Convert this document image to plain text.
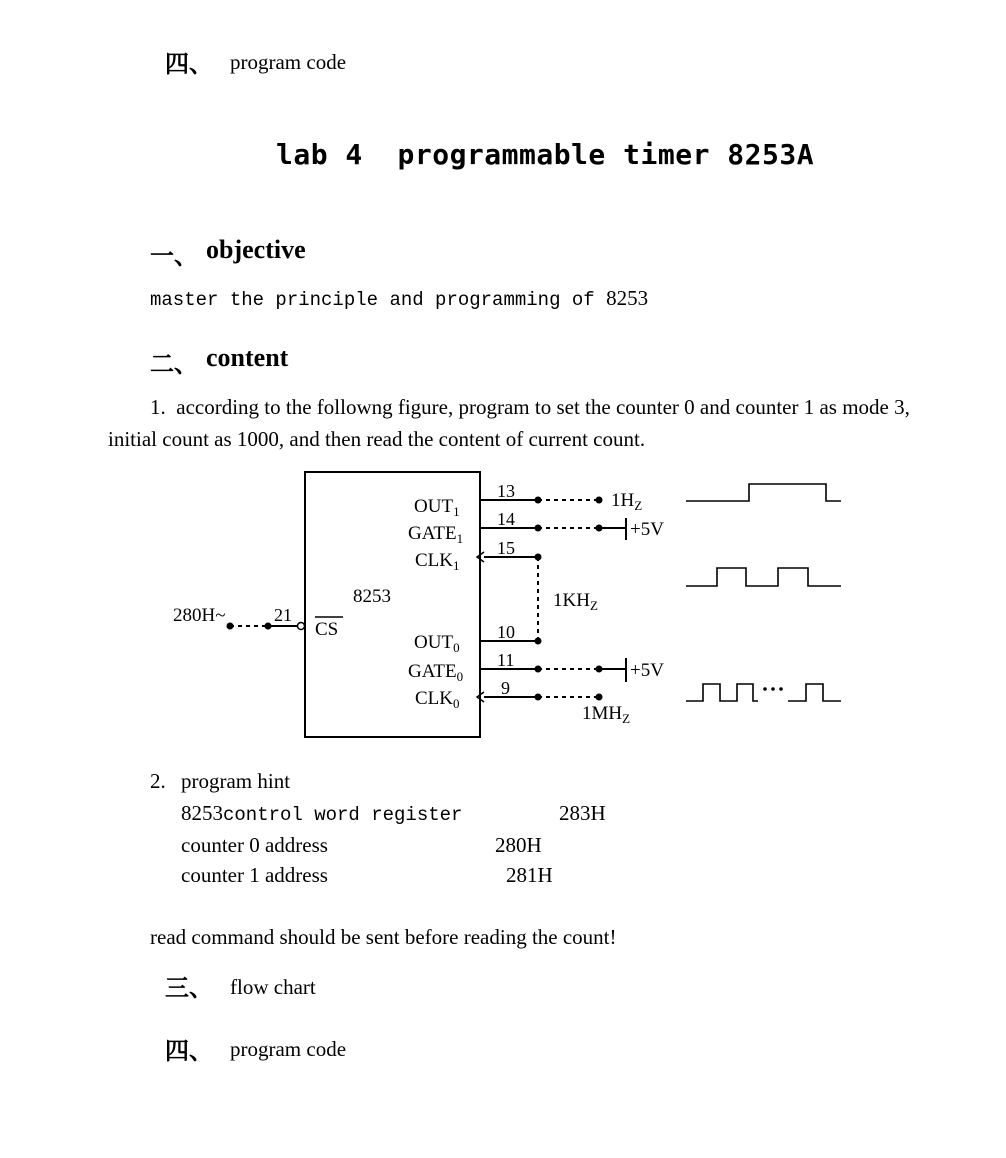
四、 program code
lab 4  programmable timer 8253A
一、 objective
master the principle and programming of 8253
二、 content
1.  according to the followng figure, program to set the counter 0 and counter 1 as mode 3,
initial count as 1000, and then read the content of current count.
8253
$OUT_1$
$GATE_1$
$CLK_1$
$OUT_0$
$GATE_0$
$CLK_0$
CS
280H~	21
13
14
15
10
11
9
$1H_Z$
$1KH_Z$
$1MH_Z$
+5V
+5V
2. program hint
8253control word register	283H
counter 0 address	280H
counter 1 address	281H
read command should be sent before reading the count!
三、 flow chart
四、 program code
